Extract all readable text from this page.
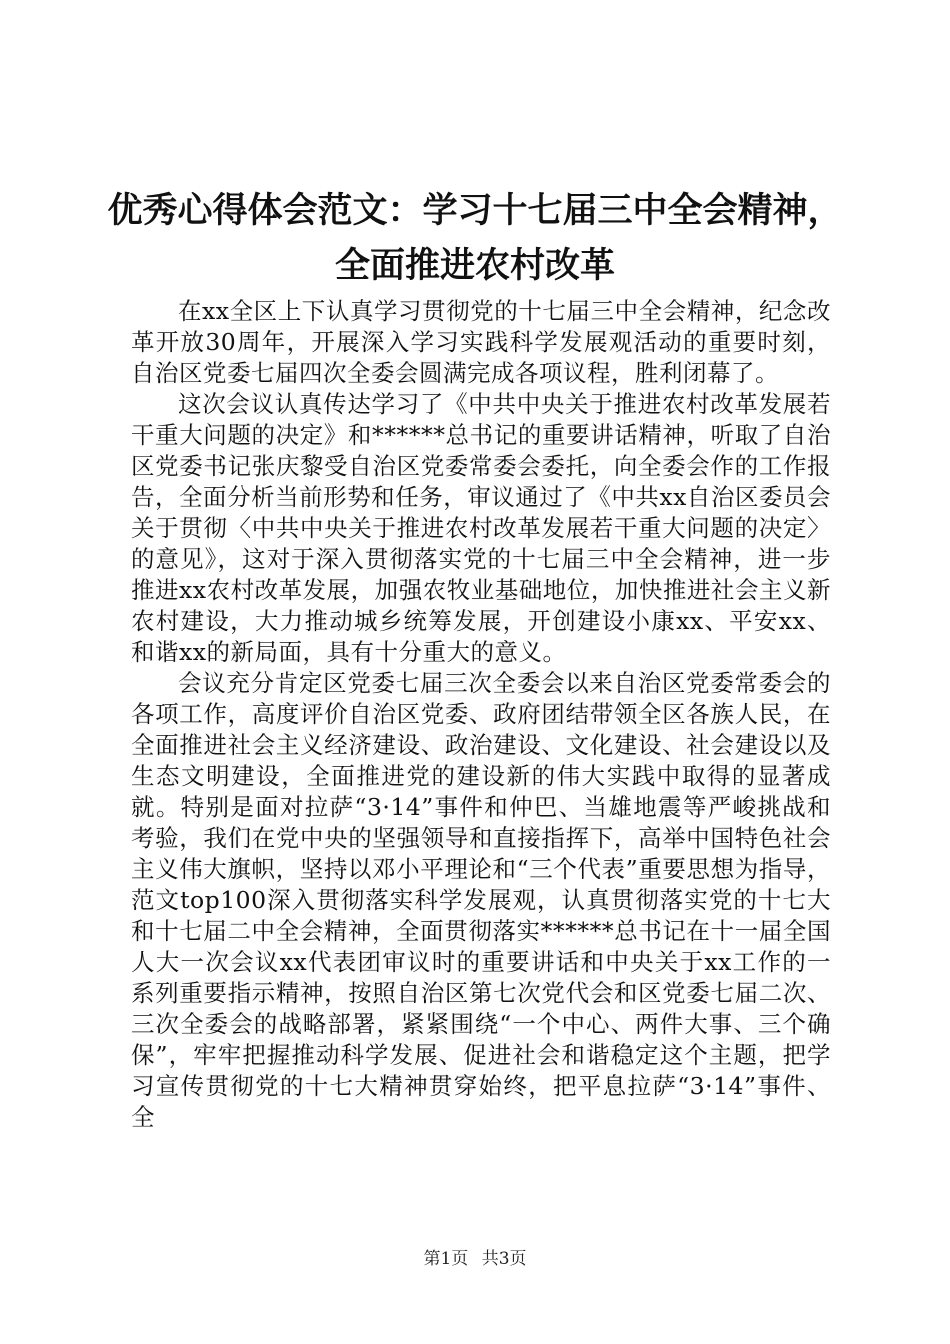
优秀心得体会范文：学习十七届三中全会精神，
全面推进农村改革

在xx全区上下认真学习贯彻党的十七届三中全会精神，纪念改革开放30周年，开展深入学习实践科学发展观活动的重要时刻，自治区党委七届四次全委会圆满完成各项议程，胜利闭幕了。

这次会议认真传达学习了《中共中央关于推进农村改革发展若干重大问题的决定》和******总书记的重要讲话精神，听取了自治区党委书记张庆黎受自治区党委常委会委托，向全委会作的工作报告，全面分析当前形势和任务，审议通过了《中共xx自治区委员会关于贯彻〈中共中央关于推进农村改革发展若干重大问题的决定〉的意见》，这对于深入贯彻落实党的十七届三中全会精神，进一步推进xx农村改革发展，加强农牧业基础地位，加快推进社会主义新农村建设，大力推动城乡统筹发展，开创建设小康xx、平安xx、和谐xx的新局面，具有十分重大的意义。

会议充分肯定区党委七届三次全委会以来自治区党委常委会的各项工作，高度评价自治区党委、政府团结带领全区各族人民，在全面推进社会主义经济建设、政治建设、文化建设、社会建设以及生态文明建设，全面推进党的建设新的伟大实践中取得的显著成就。特别是面对拉萨“3·14”事件和仲巴、当雄地震等严峻挑战和考验，我们在党中央的坚强领导和直接指挥下，高举中国特色社会主义伟大旗帜，坚持以邓小平理论和“三个代表”重要思想为指导，范文top100深入贯彻落实科学发展观，认真贯彻落实党的十七大和十七届二中全会精神，全面贯彻落实******总书记在十一届全国人大一次会议xx代表团审议时的重要讲话和中央关于xx工作的一系列重要指示精神，按照自治区第七次党代会和区党委七届二次、三次全委会的战略部署，紧紧围绕“一个中心、两件大事、三个确保”，牢牢把握推动科学发展、促进社会和谐稳定这个主题，把学习宣传贯彻党的十七大精神贯穿始终，把平息拉萨“3·14”事件、全

第1页 共3页
